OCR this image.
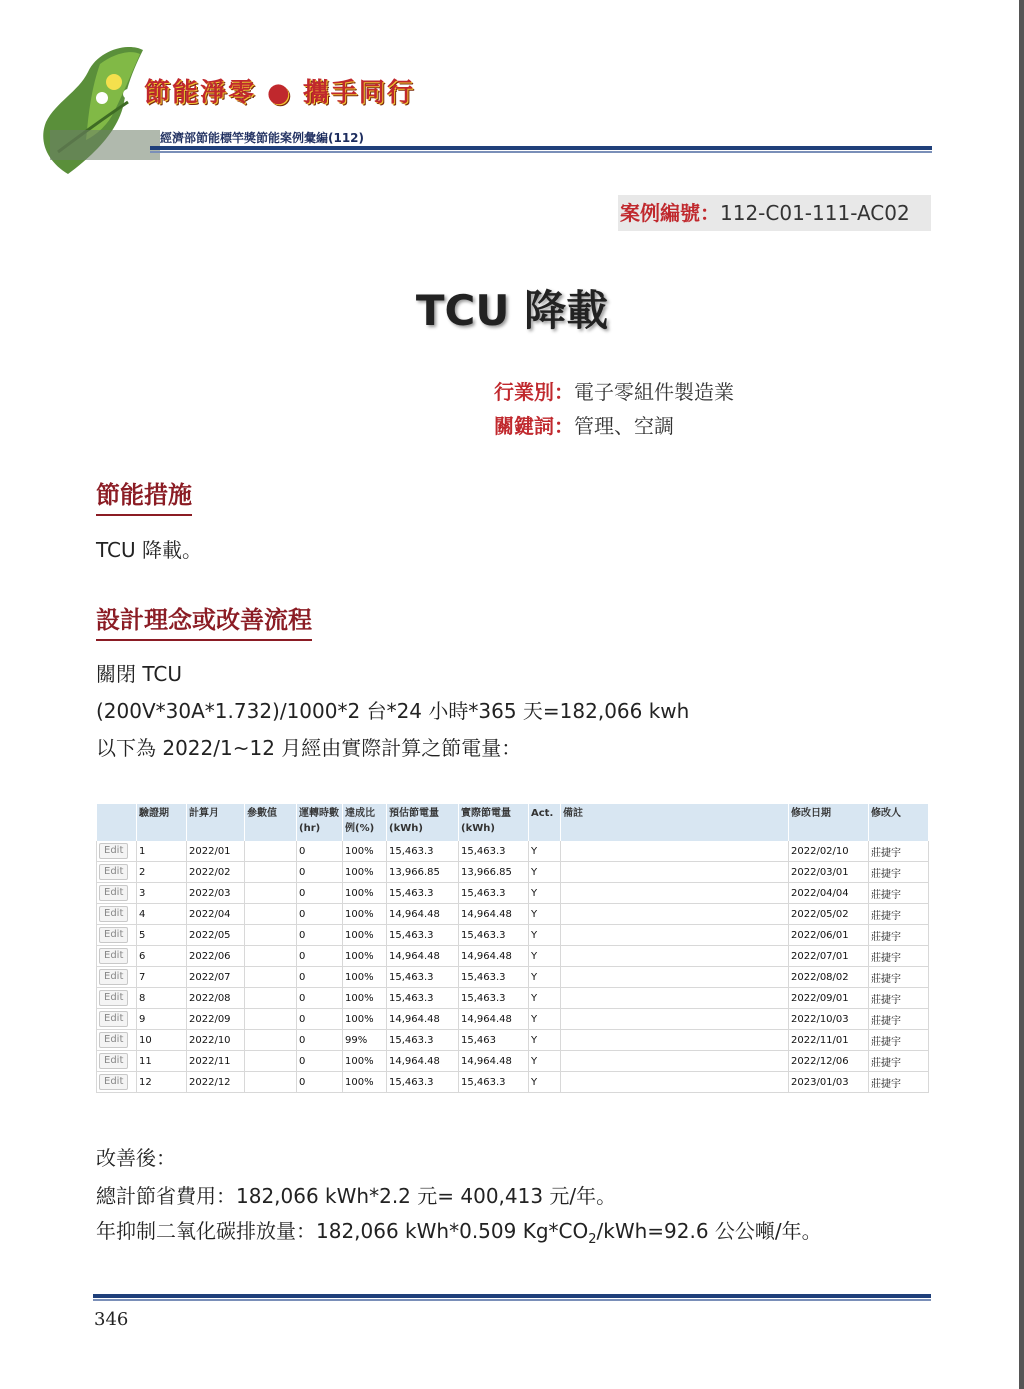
節能淨零 ● 攜手同行
經濟部節能標竿獎節能案例彙編(112)
案例編號：112-C01-111-AC02
TCU 降載
行業別：電子零組件製造業
關鍵詞：管理、空調
節能措施
TCU 降載。
設計理念或改善流程
關閉 TCU
(200V*30A*1.732)/1000*2 台*24 小時*365 天=182,066 kwh
以下為 2022/1~12 月經由實際計算之節電量：
	驗證期	計算月	參數值	運轉時數(hr)	達成比例(%)	預估節電量(kWh)	實際節電量(kWh)	Act.	備註	修改日期	修改人
Edit	1	2022/01		0	100%	15,463.3	15,463.3	Y		2022/02/10	莊捷宇
Edit	2	2022/02		0	100%	13,966.85	13,966.85	Y		2022/03/01	莊捷宇
Edit	3	2022/03		0	100%	15,463.3	15,463.3	Y		2022/04/04	莊捷宇
Edit	4	2022/04		0	100%	14,964.48	14,964.48	Y		2022/05/02	莊捷宇
Edit	5	2022/05		0	100%	15,463.3	15,463.3	Y		2022/06/01	莊捷宇
Edit	6	2022/06		0	100%	14,964.48	14,964.48	Y		2022/07/01	莊捷宇
Edit	7	2022/07		0	100%	15,463.3	15,463.3	Y		2022/08/02	莊捷宇
Edit	8	2022/08		0	100%	15,463.3	15,463.3	Y		2022/09/01	莊捷宇
Edit	9	2022/09		0	100%	14,964.48	14,964.48	Y		2022/10/03	莊捷宇
Edit	10	2022/10		0	99%	15,463.3	15,463	Y		2022/11/01	莊捷宇
Edit	11	2022/11		0	100%	14,964.48	14,964.48	Y		2022/12/06	莊捷宇
Edit	12	2022/12		0	100%	15,463.3	15,463.3	Y		2023/01/03	莊捷宇
改善後：
總計節省費用：182,066 kWh*2.2 元= 400,413 元/年。
年抑制二氧化碳排放量：182,066 kWh*0.509 $Kg*CO_2/kWh=92.6$ 公公噸/年。
346
